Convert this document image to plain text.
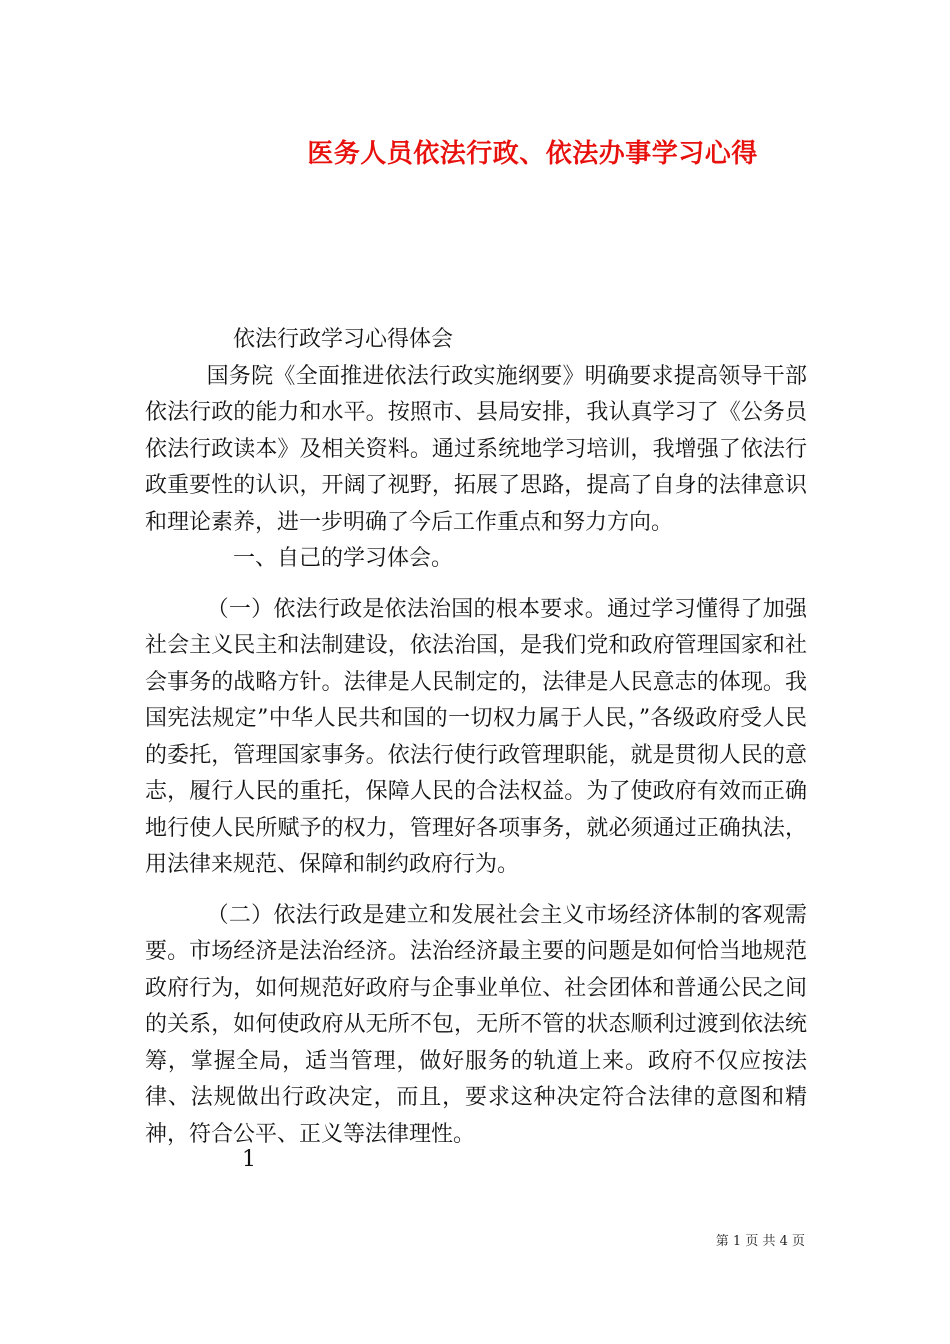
医务人员依法行政、依法办事学习心得
依法行政学习心得体会

国务院《全面推进依法行政实施纲要》明确要求提高领导干部依法行政的能力和水平。按照市、县局安排，我认真学习了《公务员依法行政读本》及相关资料。通过系统地学习培训，我增强了依法行政重要性的认识，开阔了视野，拓展了思路，提高了自身的法律意识和理论素养，进一步明确了今后工作重点和努力方向。

一、自己的学习体会。

（一）依法行政是依法治国的根本要求。通过学习懂得了加强社会主义民主和法制建设，依法治国，是我们党和政府管理国家和社会事务的战略方针。法律是人民制定的，法律是人民意志的体现。我国宪法规定”中华人民共和国的一切权力属于人民，”各级政府受人民的委托，管理国家事务。依法行使行政管理职能，就是贯彻人民的意志，履行人民的重托，保障人民的合法权益。为了使政府有效而正确地行使人民所赋予的权力，管理好各项事务，就必须通过正确执法，用法律来规范、保障和制约政府行为。

（二）依法行政是建立和发展社会主义市场经济体制的客观需要。市场经济是法治经济。法治经济最主要的问题是如何恰当地规范政府行为，如何规范好政府与企事业单位、社会团体和普通公民之间的关系，如何使政府从无所不包，无所不管的状态顺利过渡到依法统筹，掌握全局，适当管理，做好服务的轨道上来。政府不仅应按法律、法规做出行政决定，而且，要求这种决定符合法律的意图和精神，符合公平、正义等法律理性。

1
第 1 页 共 4 页
